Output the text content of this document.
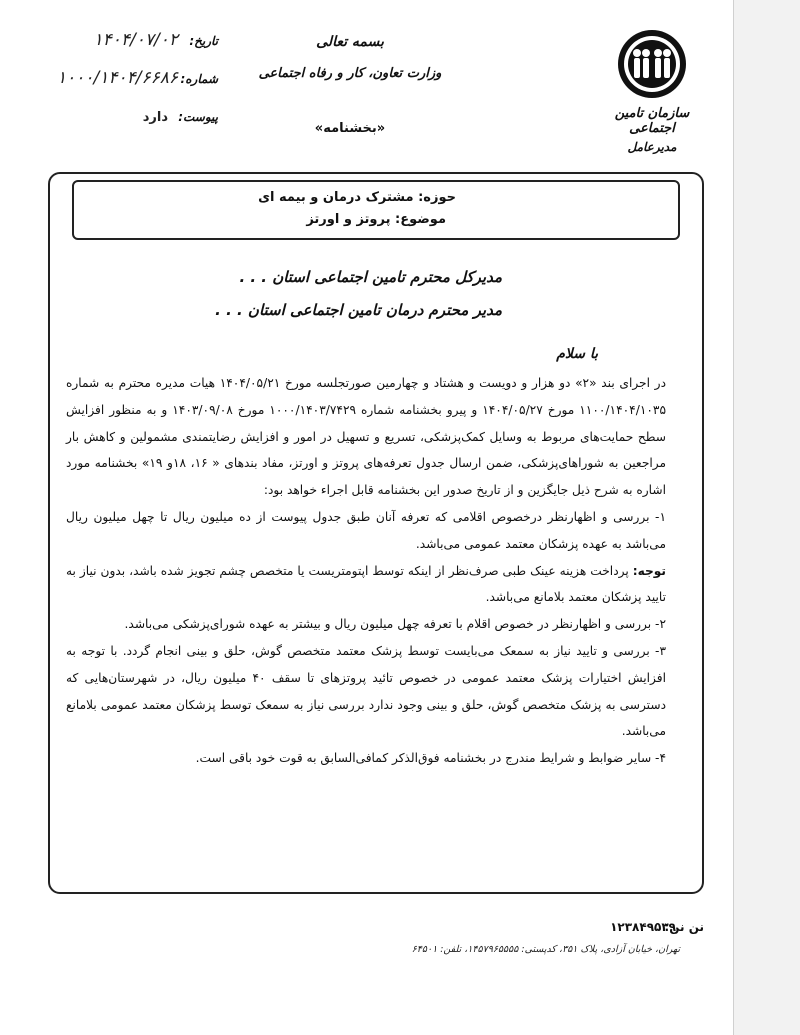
سازمان تامین اجتماعی
مدیرعامل
بسمه تعالی
وزارت تعاون، کار و رفاه اجتماعی
«بخشنامه»
تاریخ:
۱۴۰۴/۰۷/۰۲
شماره:
۱۰۰۰/۱۴۰۴/۶۶۸۶
پیوست:
دارد
حوزه: مشترک درمان و بیمه ای
موضوع: پروتز و اورتز
مدیرکل محترم تامین اجتماعی استان . . .
مدیر محترم درمان تامین اجتماعی استان . . .
با سلام

در اجرای بند «۲» دو هزار و دویست و هشتاد و چهارمین صورتجلسه مورخ ۱۴۰۴/۰۵/۲۱ هیات مدیره محترم به شماره ۱۱۰۰/۱۴۰۴/۱۰۳۵ مورخ ۱۴۰۴/۰۵/۲۷ و پیرو بخشنامه شماره ۱۰۰۰/۱۴۰۳/۷۴۲۹ مورخ ۱۴۰۳/۰۹/۰۸ و به منظور افزایش سطح حمایت‌های مربوط به وسایل کمک‌پزشکی، تسریع و تسهیل در امور و افزایش رضایتمندی مشمولین و کاهش بار مراجعین به شوراهای‌پزشکی، ضمن ارسال جدول تعرفه‌های پروتز و اورتز، مفاد بندهای « ۱۶، ۱۸و ۱۹» بخشنامه مورد اشاره به شرح ذیل جایگزین و از تاریخ صدور این بخشنامه قابل اجراء خواهد بود:

۱- بررسی و اظهارنظر درخصوص اقلامی که تعرفه آنان طبق جدول پیوست از ده میلیون ریال تا چهل میلیون ریال می‌باشد به عهده پزشکان معتمد عمومی می‌باشد.

توجه: پرداخت هزینه عینک طبی صرف‌نظر از اینکه توسط اپتومتریست یا متخصص چشم تجویز شده باشد، بدون نیاز به تایید پزشکان معتمد بلامانع می‌باشد.

۲- بررسی و اظهارنظر در خصوص اقلام با تعرفه چهل میلیون ریال و بیشتر به عهده شورای‌پزشکی می‌باشد.

۳- بررسی و تایید نیاز به سمعک می‌بایست توسط پزشک معتمد متخصص گوش، حلق و بینی انجام گردد. با توجه به افزایش اختیارات پزشک معتمد عمومی در خصوص تائید پروتزهای تا سقف ۴۰ میلیون ریال، در شهرستان‌هایی که دسترسی به پزشک متخصص گوش، حلق و بینی وجود ندارد بررسی نیاز به سمعک توسط پزشکان معتمد عمومی بلامانع می‌باشد.

۴- سایر ضوابط و شرایط مندرج در بخشنامه فوق‌الذکر کمافی‌السابق به قوت خود باقی است.

نن نن:
۱۲۳۸۴۹۵۳۹
تهران، خیابان آزادی، پلاک ۳۵۱، کدپستی: ۱۴۵۷۹۶۵۵۵۵، تلفن: ۶۴۵۰۱
